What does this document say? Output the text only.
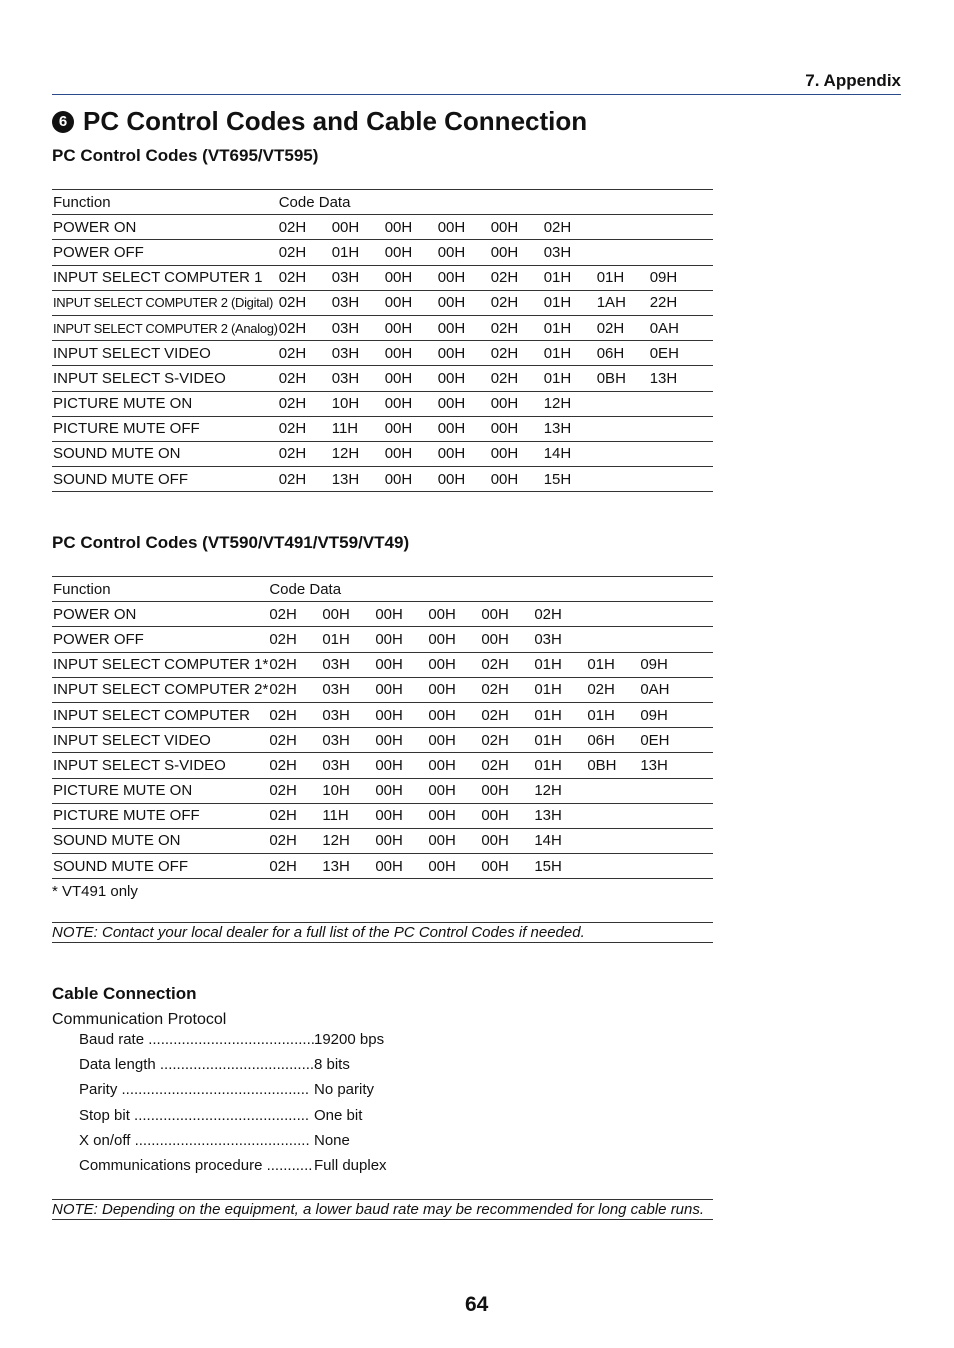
7. Appendix
6 PC Control Codes and Cable Connection
PC Control Codes (VT695/VT595)
Function	Code Data							
POWER ON	02H	00H	00H	00H	00H	02H		
POWER OFF	02H	01H	00H	00H	00H	03H		
INPUT SELECT COMPUTER 1	02H	03H	00H	00H	02H	01H	01H	09H
INPUT SELECT COMPUTER 2 (Digital)	02H	03H	00H	00H	02H	01H	1AH	22H
INPUT SELECT COMPUTER 2 (Analog)	02H	03H	00H	00H	02H	01H	02H	0AH
INPUT SELECT VIDEO	02H	03H	00H	00H	02H	01H	06H	0EH
INPUT SELECT S-VIDEO	02H	03H	00H	00H	02H	01H	0BH	13H
PICTURE MUTE ON	02H	10H	00H	00H	00H	12H		
PICTURE MUTE OFF	02H	11H	00H	00H	00H	13H		
SOUND MUTE ON	02H	12H	00H	00H	00H	14H		
SOUND MUTE OFF	02H	13H	00H	00H	00H	15H		
PC Control Codes (VT590/VT491/VT59/VT49)
Function	Code Data							
POWER ON	02H	00H	00H	00H	00H	02H		
POWER OFF	02H	01H	00H	00H	00H	03H		
INPUT SELECT COMPUTER 1*	02H	03H	00H	00H	02H	01H	01H	09H
INPUT SELECT COMPUTER 2*	02H	03H	00H	00H	02H	01H	02H	0AH
INPUT SELECT COMPUTER	02H	03H	00H	00H	02H	01H	01H	09H
INPUT SELECT VIDEO	02H	03H	00H	00H	02H	01H	06H	0EH
INPUT SELECT S-VIDEO	02H	03H	00H	00H	02H	01H	0BH	13H
PICTURE MUTE ON	02H	10H	00H	00H	00H	12H		
PICTURE MUTE OFF	02H	11H	00H	00H	00H	13H		
SOUND MUTE ON	02H	12H	00H	00H	00H	14H		
SOUND MUTE OFF	02H	13H	00H	00H	00H	15H		
* VT491 only
NOTE: Contact your local dealer for a full list of the PC Control Codes if needed.
Cable Connection
Communication Protocol
Baud rate ........................................ 19200 bps
Data length ..................................... 8 bits
Parity ............................................. No parity
Stop bit .......................................... One bit
X on/off .......................................... None
Communications procedure ........... Full duplex
NOTE: Depending on the equipment, a lower baud rate may be recommended for long cable runs.
64
